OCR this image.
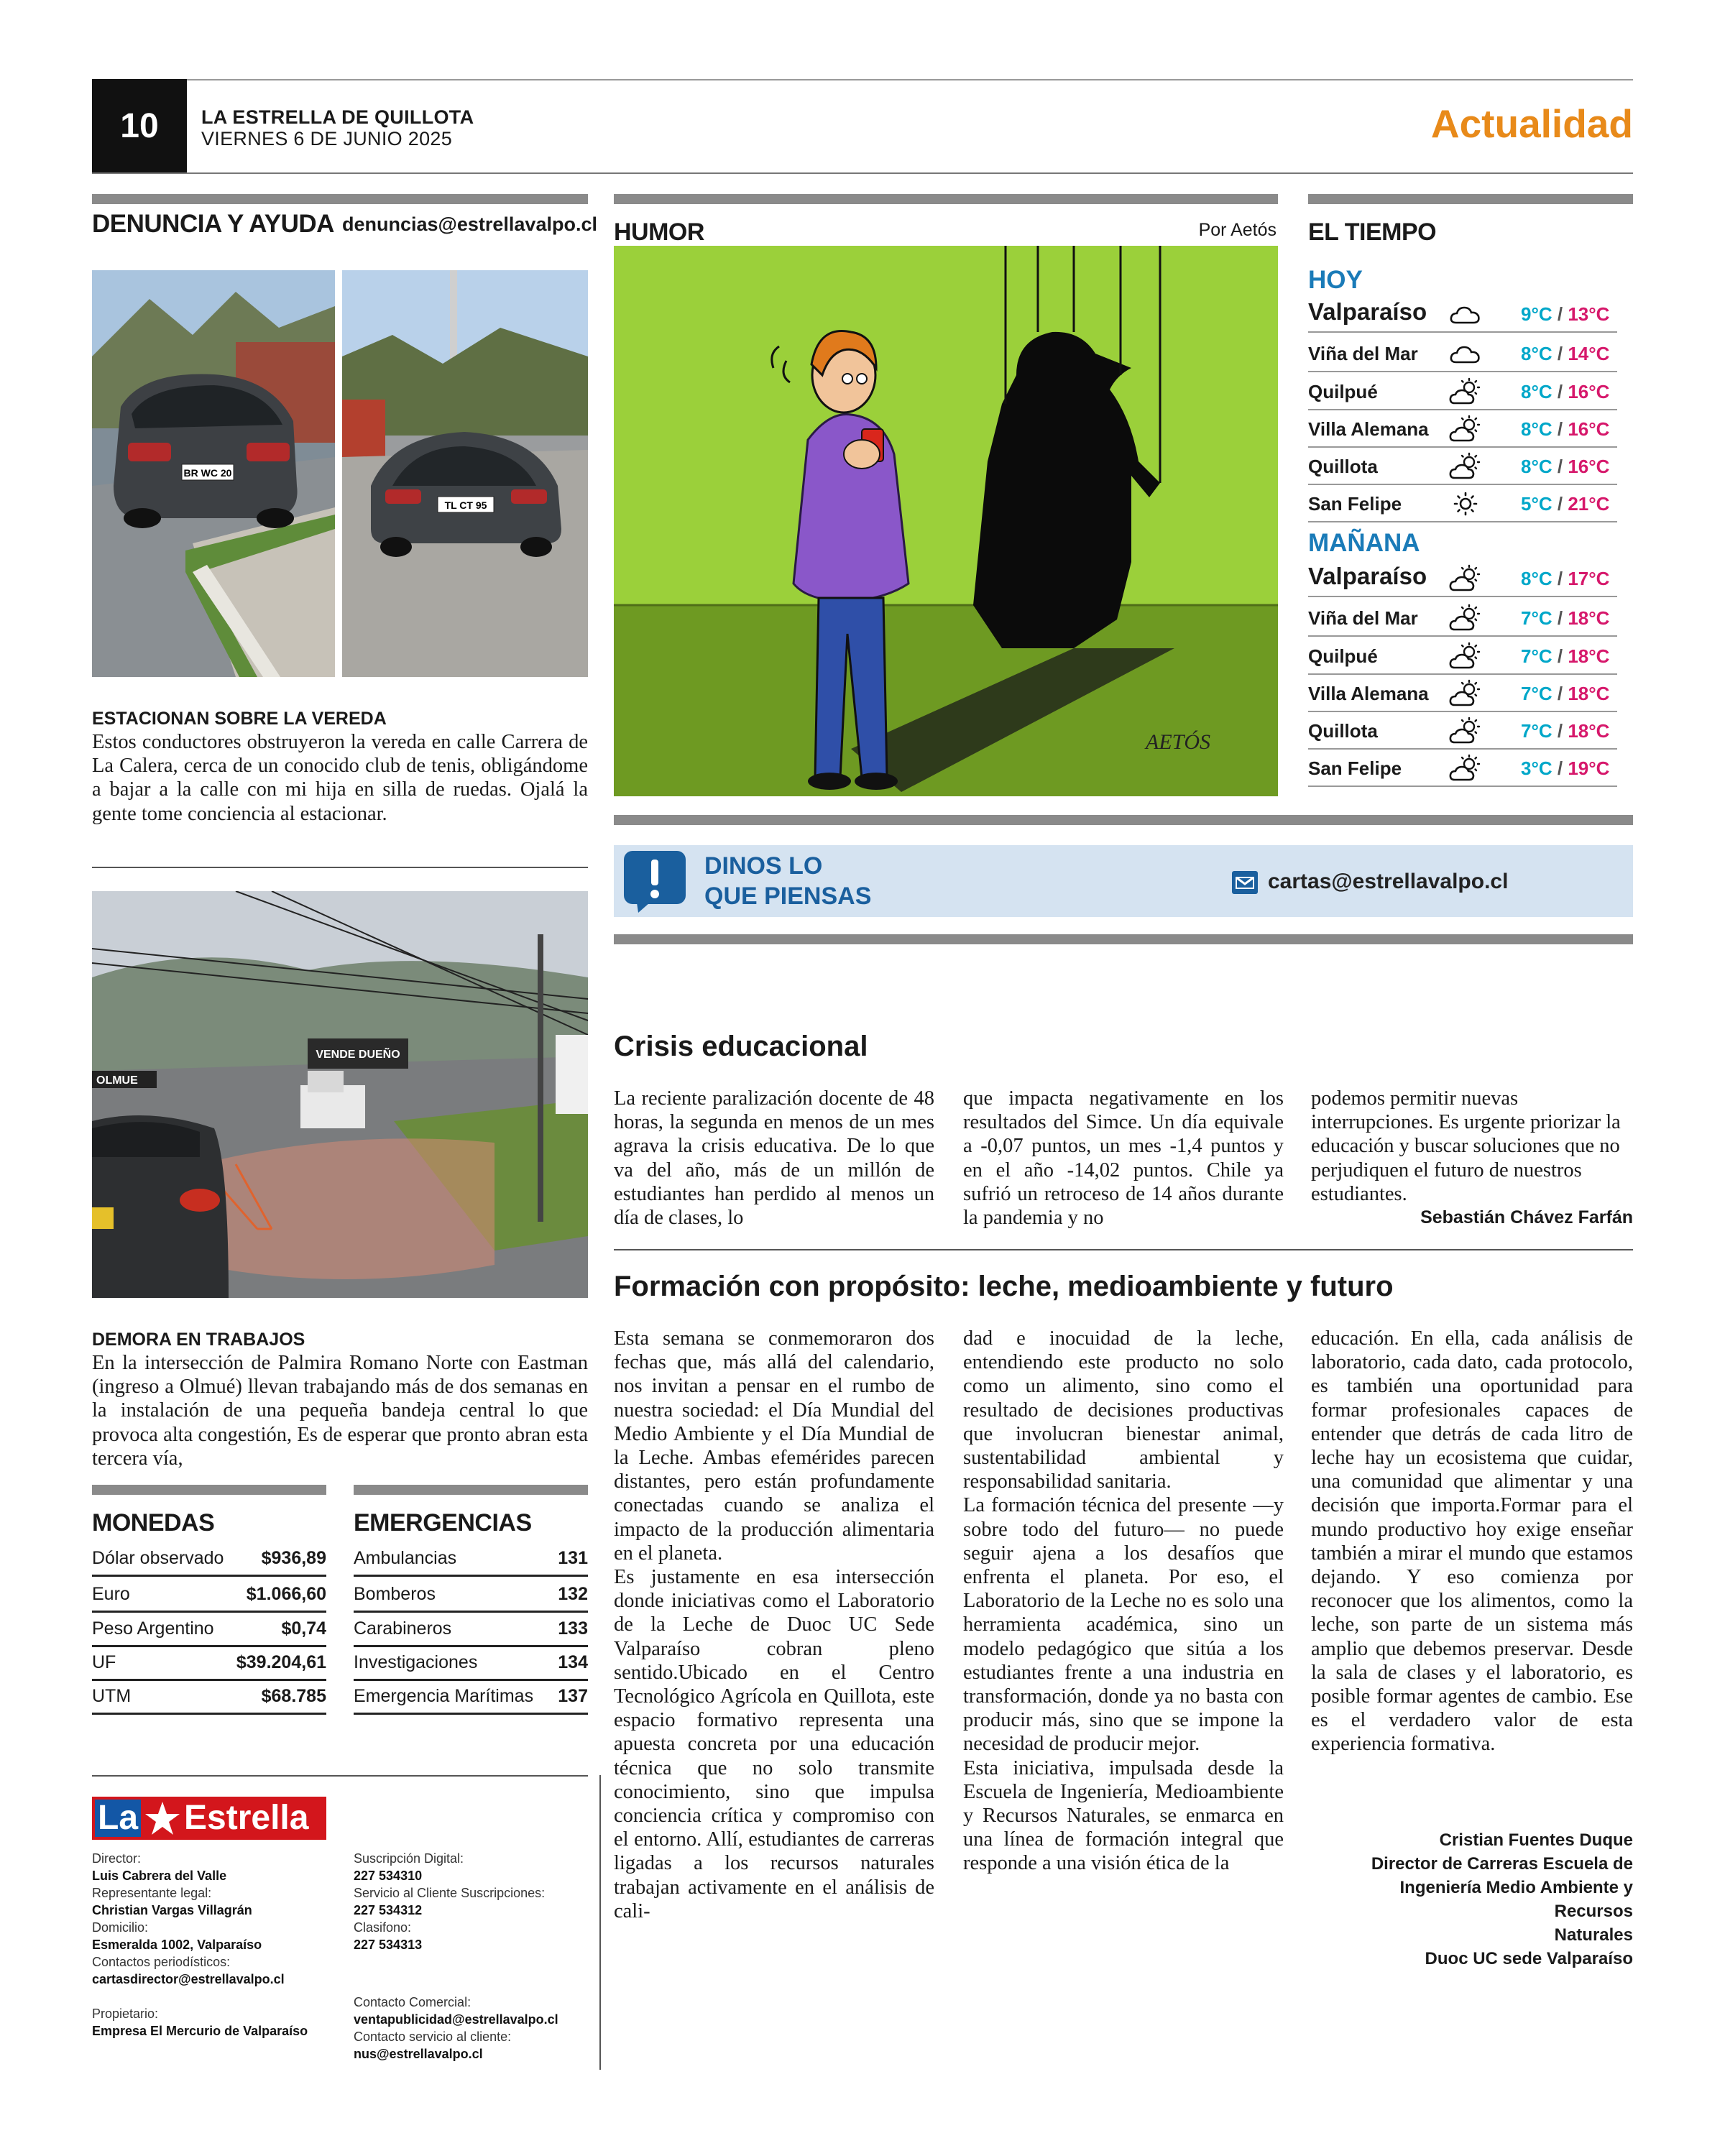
10	LA ESTRELLA DE QUILLOTA
VIERNES 6 DE JUNIO 2025	Actualidad
DENUNCIA Y AYUDA denuncias@estrellavalpo.cl
BR WC 20
TL CT 95
ESTACIONAN SOBRE LA VEREDA
Estos conductores obstruyeron la vereda en calle Carrera de La Calera, cerca de un conocido club de tenis, obligándome a bajar a la calle con mi hija en silla de ruedas. Ojalá la gente tome conciencia al estacionar.
VENDE DUEÑO
OLMUE
DEMORA EN TRABAJOS
En la intersección de Palmira Romano Norte con Eastman (ingreso a Olmué) llevan trabajando más de dos semanas en la instalación de una pequeña bandeja central lo que provoca alta congestión, Es de esperar que pronto abran esta tercera vía,
MONEDAS
Dólar observado $936,89
Euro	$1.066,60
Peso Argentino	$0,74
UF	$39.204,61
UTM	$68.785
EMERGENCIAS
Ambulancias	131
Bomberos	132
Carabineros	133
Investigaciones	134
Emergencia Marítimas 137
La Estrella
Director:
Luis Cabrera del Valle
Representante legal:
Christian Vargas Villagrán
Domicilio:
Esmeralda 1002, Valparaíso
Contactos periodísticos:
cartasdirector@estrellavalpo.cl
Propietario:
Empresa El Mercurio de Valparaíso
Suscripción Digital:
227 534310
Servicio al Cliente Suscripciones:
227 534312
Clasifono:
227 534313
Contacto Comercial:
ventapublicidad@estrellavalpo.cl
Contacto servicio al cliente:
nus@estrellavalpo.cl
HUMOR	Por Aetós
AETÓS
EL TIEMPO
HOY
Valparaíso	9°C / 13°C
Viña del Mar	8°C / 14°C
Quilpué	8°C / 16°C
Villa Alemana	8°C / 16°C
Quillota	8°C / 16°C
San Felipe	5°C / 21°C
MAÑANA
Valparaíso	8°C / 17°C
Viña del Mar	7°C / 18°C
Quilpué	7°C / 18°C
Villa Alemana	7°C / 18°C
Quillota	7°C / 18°C
San Felipe	3°C / 19°C
DINOS LO
QUE PIENSAS
cartas@estrellavalpo.cl
Crisis educacional
La reciente paralización docente de 48 horas, la segunda en menos de un mes agrava la crisis educativa. De lo que va del año, más de un millón de estudiantes han perdido al menos un día de clases, lo
que impacta negativamente en los resultados del Simce. Un día equivale a -0,07 puntos, un mes -1,4 puntos y en el año -14,02 puntos. Chile ya sufrió un retroceso de 14 años durante la pandemia y no
podemos permitir nuevas interrupciones. Es urgente priorizar la educación y buscar soluciones que no perjudiquen el futuro de nuestros estudiantes.
Sebastián Chávez Farfán
Formación con propósito: leche, medioambiente y futuro
Esta semana se conmemoraron dos fechas que, más allá del calendario, nos invitan a pensar en el rumbo de nuestra sociedad: el Día Mundial del Medio Ambiente y el Día Mundial de la Leche. Ambas efemérides parecen distantes, pero están profundamente conectadas cuando se analiza el impacto de la producción alimentaria en el planeta.
Es justamente en esa intersección donde iniciativas como el Laboratorio de la Leche de Duoc UC Sede Valparaíso cobran pleno sentido.Ubicado en el Centro Tecnológico Agrícola en Quillota, este espacio formativo representa una apuesta concreta por una educación técnica que no solo transmite conocimiento, sino que impulsa conciencia crítica y compromiso con el entorno. Allí, estudiantes de carreras ligadas a los recursos naturales trabajan activamente en el análisis de cali-
dad e inocuidad de la leche, entendiendo este producto no solo como un alimento, sino como el resultado de decisiones productivas que involucran bienestar animal, sustentabilidad ambiental y responsabilidad sanitaria.
La formación técnica del presente —y sobre todo del futuro— no puede seguir ajena a los desafíos que enfrenta el planeta. Por eso, el Laboratorio de la Leche no es solo una herramienta académica, sino un modelo pedagógico que sitúa a los estudiantes frente a una industria en transformación, donde ya no basta con producir más, sino que se impone la necesidad de producir mejor.
Esta iniciativa, impulsada desde la Escuela de Ingeniería, Medioambiente y Recursos Naturales, se enmarca en una línea de formación integral que responde a una visión ética de la
educación. En ella, cada análisis de laboratorio, cada dato, cada protocolo, es también una oportunidad para formar profesionales capaces de entender que detrás de cada litro de leche hay un ecosistema que cuidar, una comunidad que alimentar y una decisión que importa.Formar para el mundo productivo hoy exige enseñar también a mirar el mundo que estamos dejando. Y eso comienza por reconocer que los alimentos, como la leche, son parte de un sistema más amplio que debemos preservar. Desde la sala de clases y el laboratorio, es posible formar agentes de cambio. Ese es el verdadero valor de esta experiencia formativa.
Cristian Fuentes Duque
Director de Carreras Escuela de
Ingeniería Medio Ambiente y Recursos
Naturales
Duoc UC sede Valparaíso
